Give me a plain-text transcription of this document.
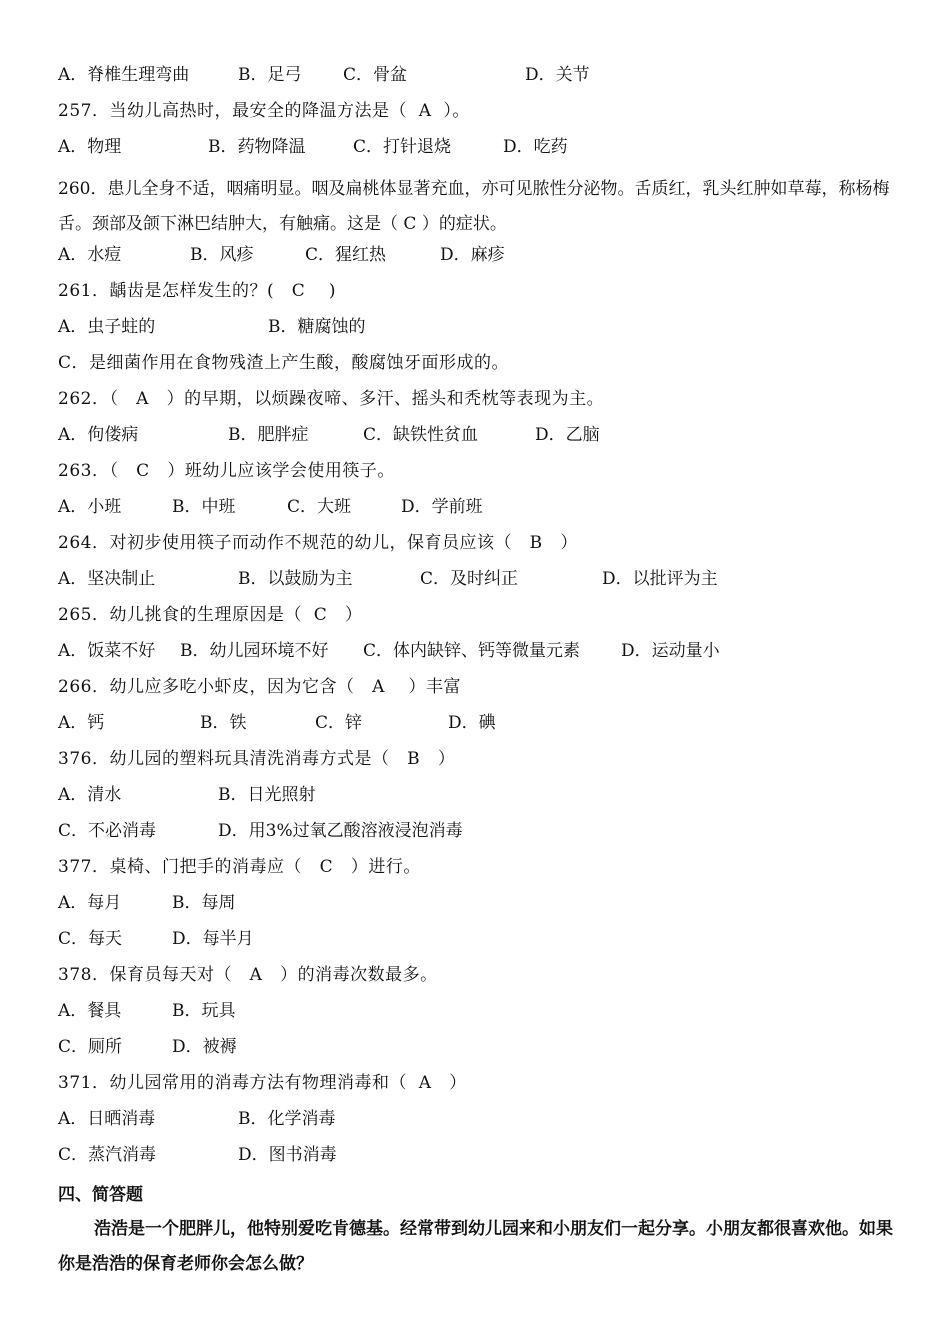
四、简答题
浩浩是一个肥胖儿，他特别爱吃肯德基。经常带到幼儿园来和小朋友们一起分享。小朋友都很喜欢他。如果你是浩浩的保育老师你会怎么做？
A．脊椎生理弯曲	B．足弓	C．骨盆	D．关节
257．当幼儿高热时，最安全的降温方法是（  A  ）。
A．物理	B．药物降温	C．打针退烧	D．吃药
260．患儿全身不适，咽痛明显。咽及扁桃体显著充血，亦可见脓性分泌物。舌质红，乳头红肿如草莓，称杨梅舌。颈部及颌下淋巴结肿大，有触痛。这是（ C ）的症状。
A．水痘	B．风疹	C．猩红热	D．麻疹
261．龋齿是怎样发生的？(   C    )
A．虫子蛀的	B．糖腐蚀的
C．是细菌作用在食物残渣上产生酸，酸腐蚀牙面形成的。
262．（   A   ）的早期，以烦躁夜啼、多汗、摇头和秃枕等表现为主。
A．佝偻病	B．肥胖症	C．缺铁性贫血	D．乙脑
263．（   C   ）班幼儿应该学会使用筷子。
A．小班	B．中班	C．大班	D．学前班
264．对初步使用筷子而动作不规范的幼儿，保育员应该（   B   ）
A．坚决制止	B．以鼓励为主	C．及时纠正	D．以批评为主
265．幼儿挑食的生理原因是（  C   ）
A．饭菜不好	B．幼儿园环境不好	C．体内缺锌、钙等微量元素	D．运动量小
266．幼儿应多吃小虾皮，因为它含（   A    ）丰富
A．钙	B．铁	C．锌	D．碘
376．幼儿园的塑料玩具清洗消毒方式是（   B   ）
A．清水	B．日光照射
C．不必消毒	D．用3%过氧乙酸溶液浸泡消毒
377．桌椅、门把手的消毒应（   C   ）进行。
A．每月	B．每周
C．每天	D．每半月
378．保育员每天对（   A   ）的消毒次数最多。
A．餐具	B．玩具
C．厕所	D．被褥
371．幼儿园常用的消毒方法有物理消毒和（  A   ）
A．日晒消毒	B．化学消毒
C．蒸汽消毒	D．图书消毒
